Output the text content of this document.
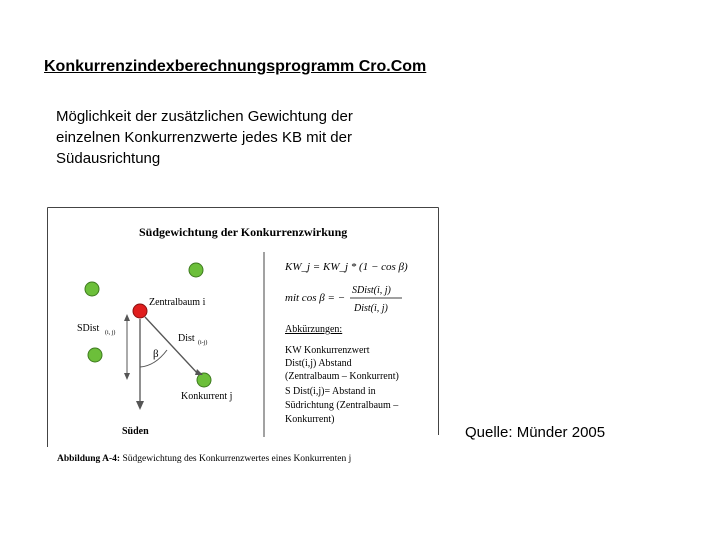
Konkurrenzindexberechnungsprogramm Cro.Com
Möglichkeit der zusätzlichen Gewichtung der
einzelnen Konkurrenzwerte jedes KB mit der
Südausrichtung
Südgewichtung der Konkurrenzwirkung
Zentralbaum i
SDist (i, j)	Dist (i-j)
β
Konkurrent j
Süden
KW_j = KW_j * (1 − cos β)
mit cos β = −
SDist(i, j)
Dist(i, j)
Abkürzungen:
KW Konkurrenzwert
Dist(i,j) Abstand
(Zentralbaum – Konkurrent)
S Dist(i,j)= Abstand in
Südrichtung (Zentralbaum –
Konkurrent)
Abbildung A-4: Südgewichtung des Konkurrenzwertes eines Konkurrenten j
Quelle: Münder 2005
